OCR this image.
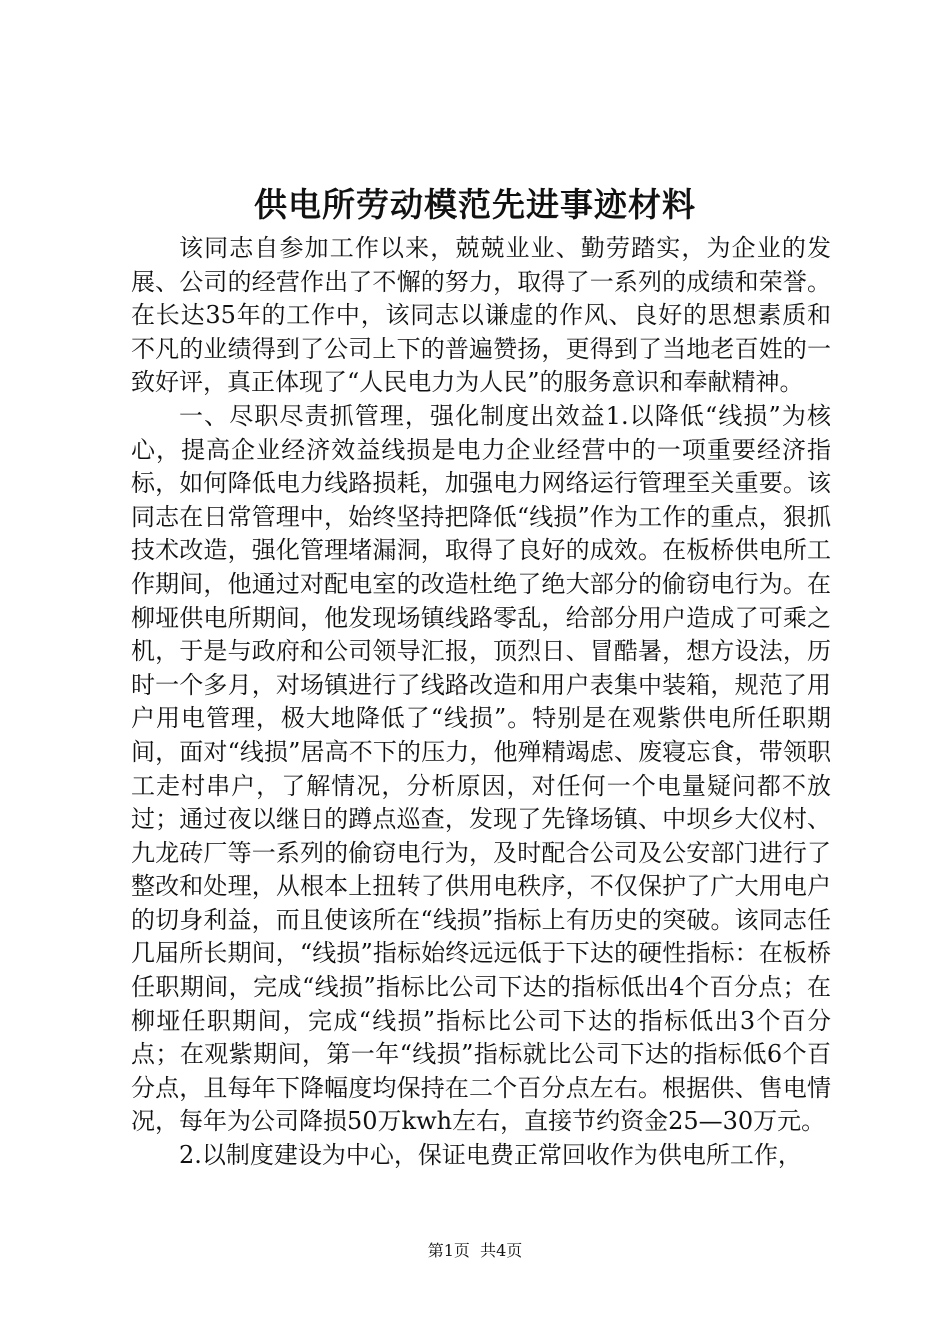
供电所劳动模范先进事迹材料

该同志自参加工作以来，兢兢业业、勤劳踏实，为企业的发展、公司的经营作出了不懈的努力，取得了一系列的成绩和荣誉。在长达35年的工作中，该同志以谦虚的作风、良好的思想素质和不凡的业绩得到了公司上下的普遍赞扬，更得到了当地老百姓的一致好评，真正体现了“人民电力为人民”的服务意识和奉献精神。

一、尽职尽责抓管理，强化制度出效益1.以降低“线损”为核心，提高企业经济效益线损是电力企业经营中的一项重要经济指标，如何降低电力线路损耗，加强电力网络运行管理至关重要。该同志在日常管理中，始终坚持把降低“线损”作为工作的重点，狠抓技术改造，强化管理堵漏洞，取得了良好的成效。在板桥供电所工作期间，他通过对配电室的改造杜绝了绝大部分的偷窃电行为。在柳垭供电所期间，他发现场镇线路零乱，给部分用户造成了可乘之机，于是与政府和公司领导汇报，顶烈日、冒酷暑，想方设法，历时一个多月，对场镇进行了线路改造和用户表集中装箱，规范了用户用电管理，极大地降低了“线损”。特别是在观紫供电所任职期间，面对“线损”居高不下的压力，他殚精竭虑、废寝忘食，带领职工走村串户，了解情况，分析原因，对任何一个电量疑问都不放过；通过夜以继日的蹲点巡查，发现了先锋场镇、中坝乡大仪村、九龙砖厂等一系列的偷窃电行为，及时配合公司及公安部门进行了整改和处理，从根本上扭转了供用电秩序，不仅保护了广大用电户的切身利益，而且使该所在“线损”指标上有历史的突破。该同志任几届所长期间，“线损”指标始终远远低于下达的硬性指标：在板桥任职期间，完成“线损”指标比公司下达的指标低出4个百分点；在柳垭任职期间，完成“线损”指标比公司下达的指标低出3个百分点；在观紫期间，第一年“线损”指标就比公司下达的指标低6个百分点，且每年下降幅度均保持在二个百分点左右。根据供、售电情况，每年为公司降损50万kwh左右，直接节约资金25—30万元。

2.以制度建设为中心，保证电费正常回收作为供电所工作，

第1页 共4页
